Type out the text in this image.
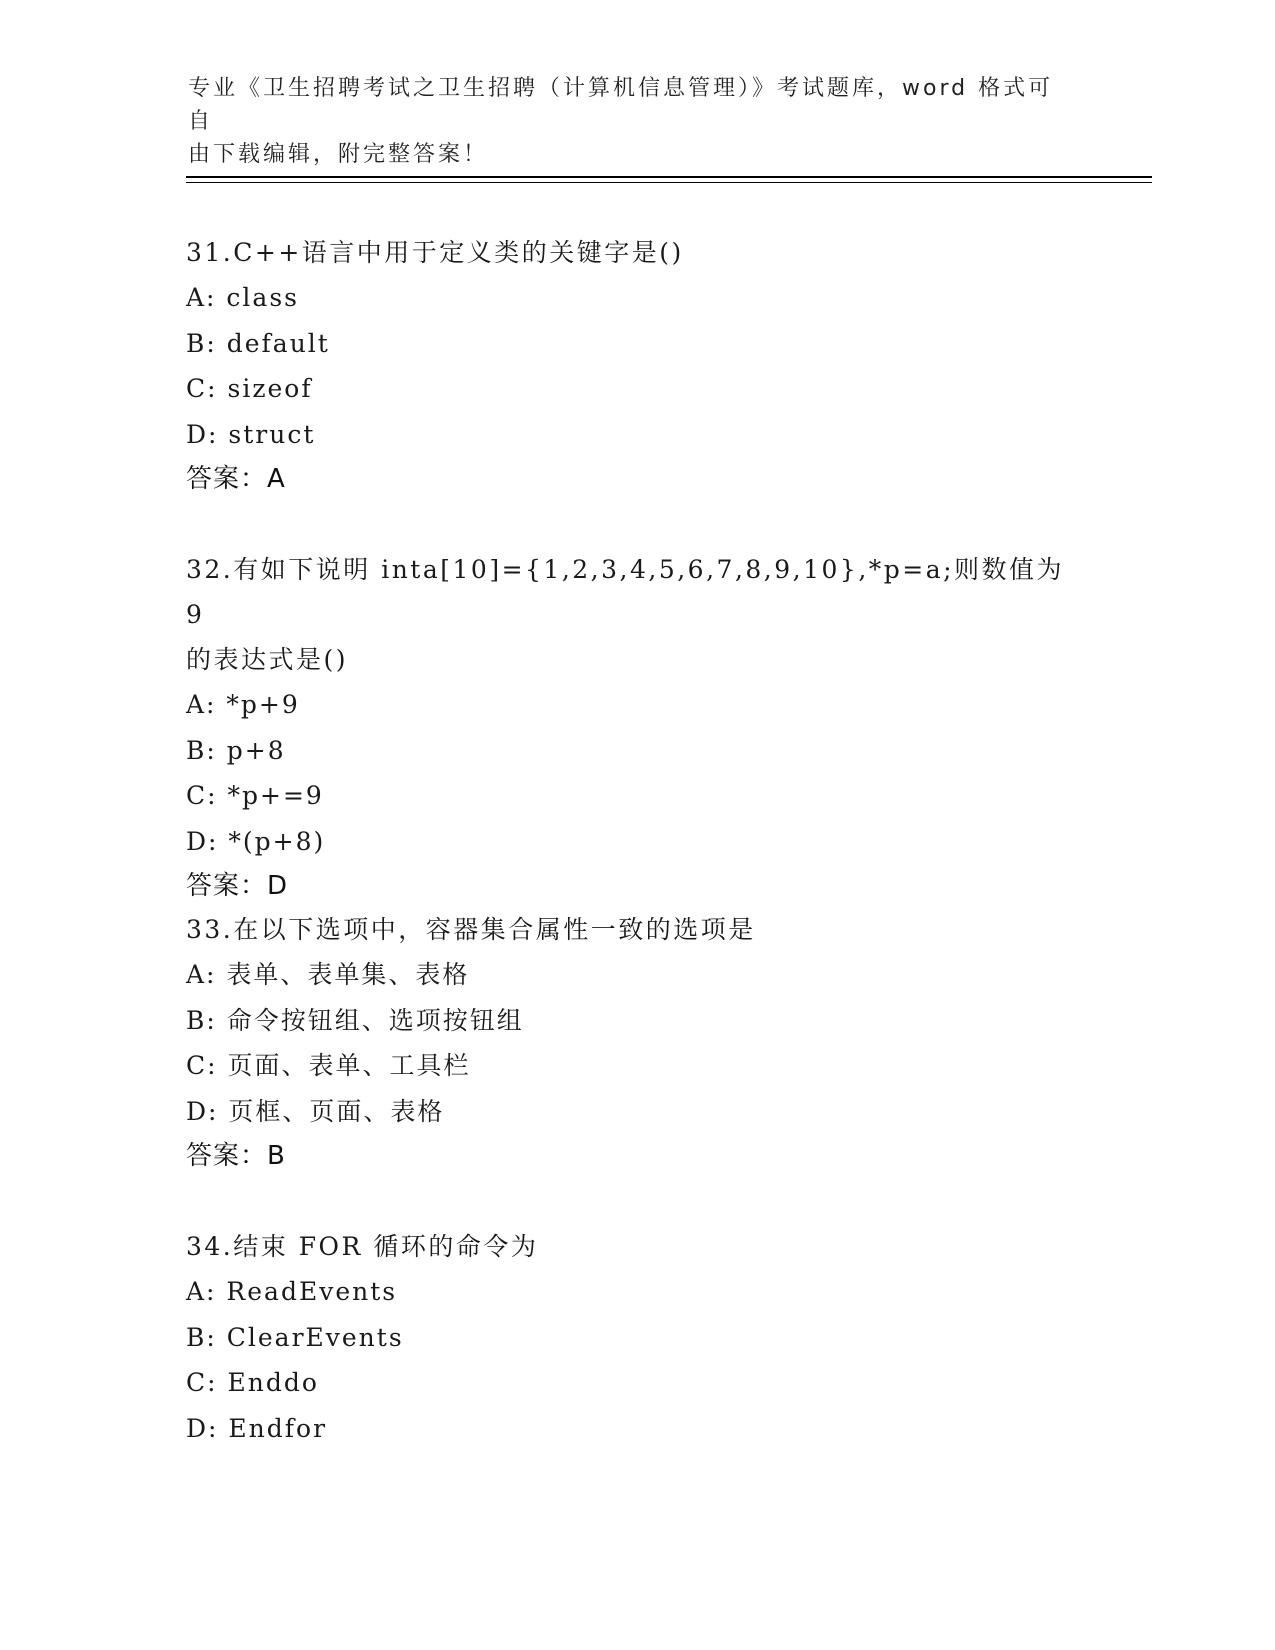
专业《卫生招聘考试之卫生招聘（计算机信息管理）》考试题库，word 格式可自
由下载编辑，附完整答案！
31.C++语言中用于定义类的关键字是()
A: class
B: default
C: sizeof
D: struct
答案：A
32.有如下说明 inta[10]={1,2,3,4,5,6,7,8,9,10},*p=a;则数值为 9
的表达式是()
A: *p+9
B: p+8
C: *p+=9
D: *(p+8)
答案：D
33.在以下选项中，容器集合属性一致的选项是
A: 表单、表单集、表格
B: 命令按钮组、选项按钮组
C: 页面、表单、工具栏
D: 页框、页面、表格
答案：B
34.结束 FOR 循环的命令为
A: ReadEvents
B: ClearEvents
C: Enddo
D: Endfor
